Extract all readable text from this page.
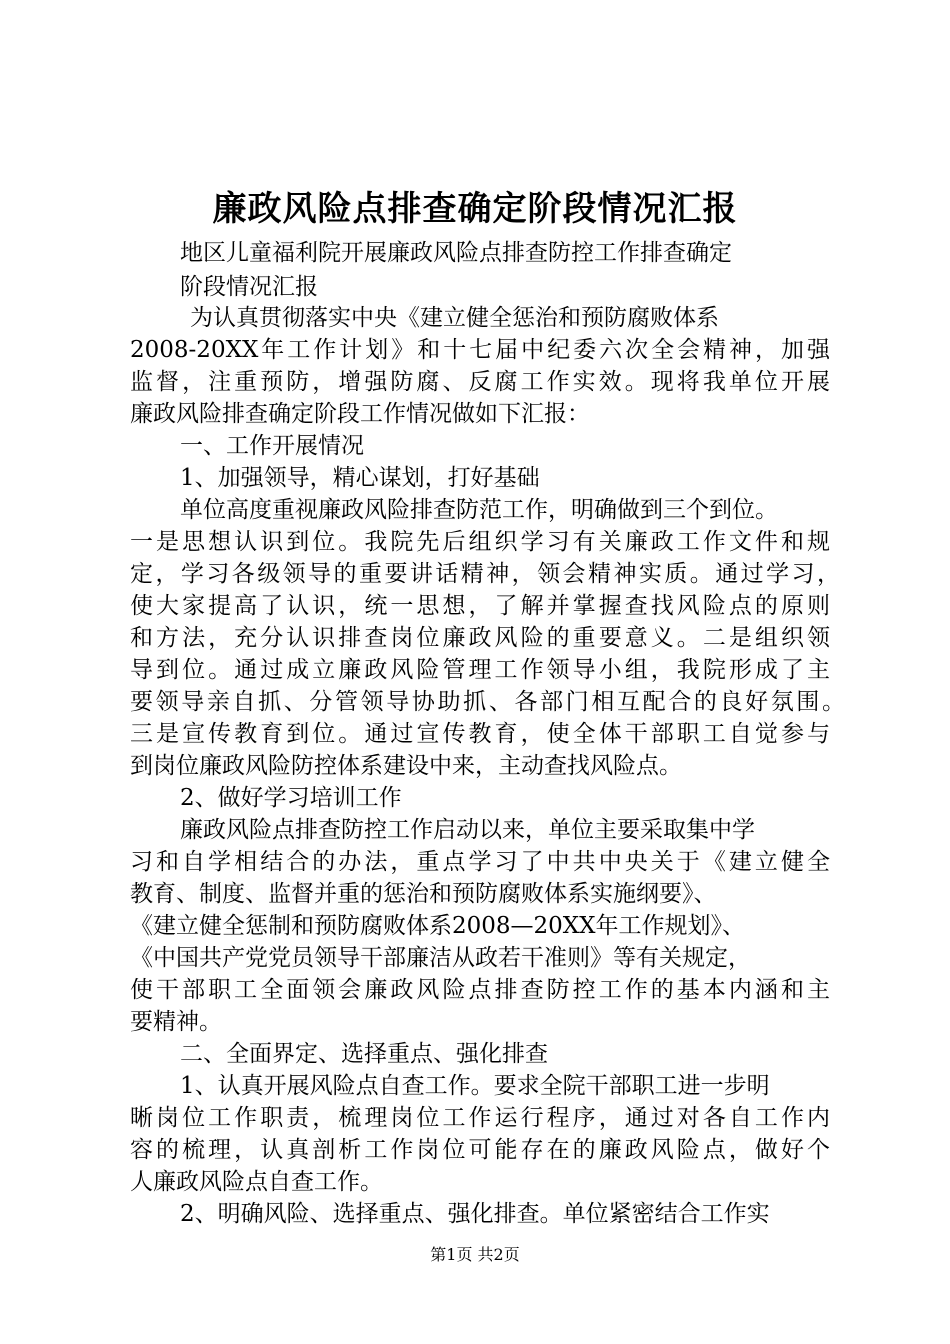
廉政风险点排查确定阶段情况汇报
地区儿童福利院开展廉政风险点排查防控工作排查确定
阶段情况汇报
为认真贯彻落实中央《建立健全惩治和预防腐败体系
2008-20XX年工作计划》和十七届中纪委六次全会精神，加强
监督，注重预防，增强防腐、反腐工作实效。现将我单位开展
廉政风险排查确定阶段工作情况做如下汇报：
一、工作开展情况
1、加强领导，精心谋划，打好基础
单位高度重视廉政风险排查防范工作，明确做到三个到位。
一是思想认识到位。我院先后组织学习有关廉政工作文件和规
定，学习各级领导的重要讲话精神，领会精神实质。通过学习，
使大家提高了认识，统一思想，了解并掌握查找风险点的原则
和方法，充分认识排查岗位廉政风险的重要意义。二是组织领
导到位。通过成立廉政风险管理工作领导小组，我院形成了主
要领导亲自抓、分管领导协助抓、各部门相互配合的良好氛围。
三是宣传教育到位。通过宣传教育，使全体干部职工自觉参与
到岗位廉政风险防控体系建设中来，主动查找风险点。
2、做好学习培训工作
廉政风险点排查防控工作启动以来，单位主要采取集中学
习和自学相结合的办法，重点学习了中共中央关于《建立健全
教育、制度、监督并重的惩治和预防腐败体系实施纲要》、
《建立健全惩制和预防腐败体系2008—20XX年工作规划》、
《中国共产党党员领导干部廉洁从政若干准则》等有关规定，
使干部职工全面领会廉政风险点排查防控工作的基本内涵和主
要精神。
二、全面界定、选择重点、强化排查
1、认真开展风险点自查工作。要求全院干部职工进一步明
晰岗位工作职责，梳理岗位工作运行程序，通过对各自工作内
容的梳理，认真剖析工作岗位可能存在的廉政风险点，做好个
人廉政风险点自查工作。
2、明确风险、选择重点、强化排查。单位紧密结合工作实
第1页 共2页
